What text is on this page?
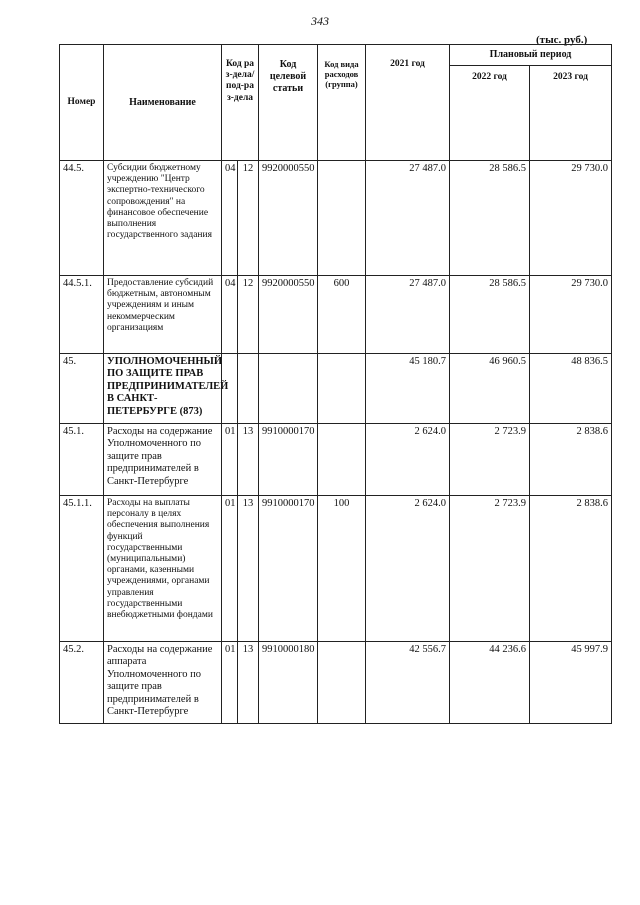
343
(тыс. руб.)
Номер	Наименование	Код раз-дела/ под-раз-дела		Код целевой статьи	Код вида расходов (группа)	2021 год	Плановый период	
							2022 год	2023 год
44.5.	Субсидии бюджетному учреждению "Центр экспертно-технического сопровождения" на финансовое обеспечение выполнения государственного задания	04	12	9920000550		27 487.0	28 586.5	29 730.0
44.5.1.	Предоставление субсидий бюджетным, автономным учреждениям и иным некоммерческим организациям	04	12	9920000550	600	27 487.0	28 586.5	29 730.0
45.	УПОЛНОМОЧЕННЫЙ ПО ЗАЩИТЕ ПРАВ ПРЕДПРИНИМАТЕЛЕЙ В САНКТ-ПЕТЕРБУРГЕ (873)					45 180.7	46 960.5	48 836.5
45.1.	Расходы на содержание Уполномоченного по защите прав предпринимателей в Санкт-Петербурге	01	13	9910000170		2 624.0	2 723.9	2 838.6
45.1.1.	Расходы на выплаты персоналу в целях обеспечения выполнения функций государственными (муниципальными) органами, казенными учреждениями, органами управления государственными внебюджетными фондами	01	13	9910000170	100	2 624.0	2 723.9	2 838.6
45.2.	Расходы на содержание аппарата Уполномоченного по защите прав предпринимателей в Санкт-Петербурге	01	13	9910000180		42 556.7	44 236.6	45 997.9
